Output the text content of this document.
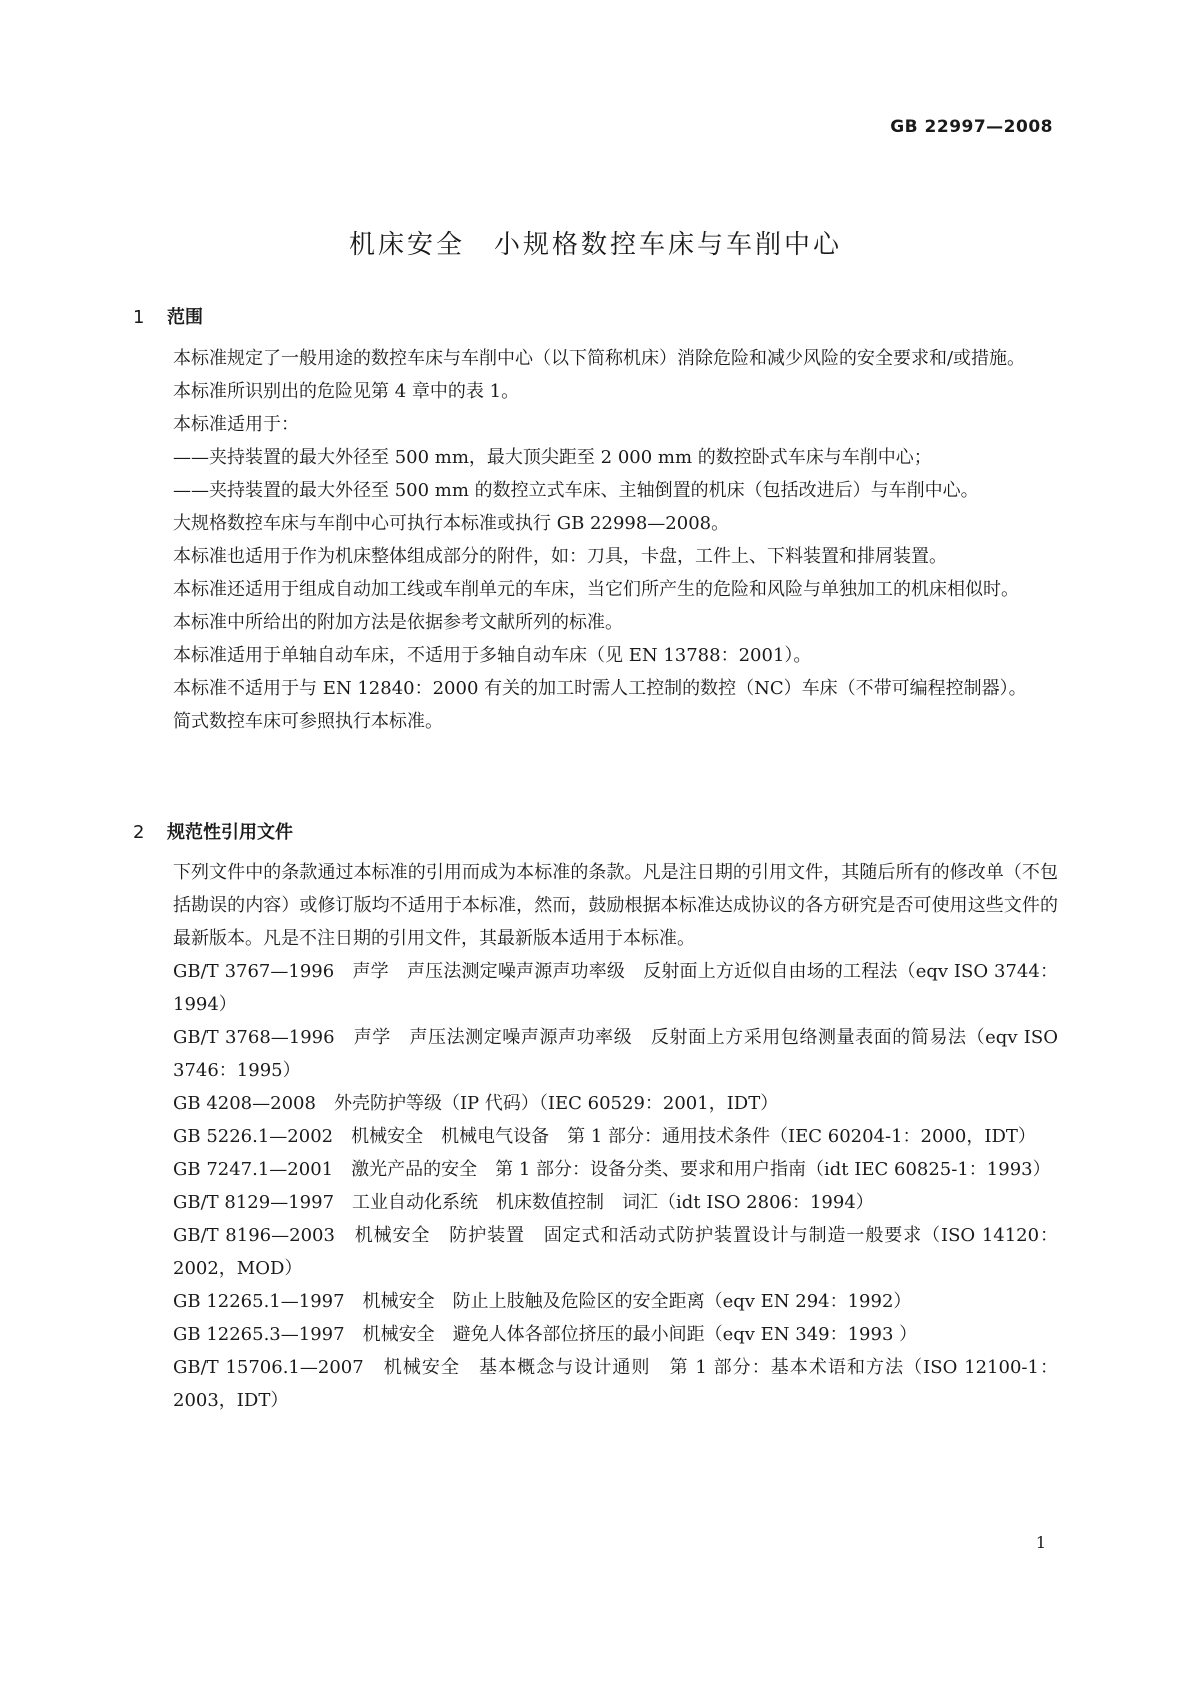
GB 22997—2008
机床安全　小规格数控车床与车削中心
1 范围
本标准规定了一般用途的数控车床与车削中心（以下简称机床）消除危险和减少风险的安全要求和/或措施。
本标准所识别出的危险见第 4 章中的表 1。
本标准适用于：
——夹持装置的最大外径至 500 mm，最大顶尖距至 2 000 mm 的数控卧式车床与车削中心；
——夹持装置的最大外径至 500 mm 的数控立式车床、主轴倒置的机床（包括改进后）与车削中心。
大规格数控车床与车削中心可执行本标准或执行 GB 22998—2008。
本标准也适用于作为机床整体组成部分的附件，如：刀具，卡盘，工件上、下料装置和排屑装置。
本标准还适用于组成自动加工线或车削单元的车床，当它们所产生的危险和风险与单独加工的机床相似时。
本标准中所给出的附加方法是依据参考文献所列的标准。
本标准适用于单轴自动车床，不适用于多轴自动车床（见 EN 13788：2001）。
本标准不适用于与 EN 12840：2000 有关的加工时需人工控制的数控（NC）车床（不带可编程控制器）。
简式数控车床可参照执行本标准。
2 规范性引用文件
下列文件中的条款通过本标准的引用而成为本标准的条款。凡是注日期的引用文件，其随后所有的修改单（不包括勘误的内容）或修订版均不适用于本标准，然而，鼓励根据本标准达成协议的各方研究是否可使用这些文件的最新版本。凡是不注日期的引用文件，其最新版本适用于本标准。
GB/T 3767—1996　声学　声压法测定噪声源声功率级　反射面上方近似自由场的工程法（eqv ISO 3744：1994）
GB/T 3768—1996　声学　声压法测定噪声源声功率级　反射面上方采用包络测量表面的简易法（eqv ISO 3746：1995）
GB 4208—2008　外壳防护等级（IP 代码）（IEC 60529：2001，IDT）
GB 5226.1—2002　机械安全　机械电气设备　第 1 部分：通用技术条件（IEC 60204-1：2000，IDT）
GB 7247.1—2001　激光产品的安全　第 1 部分：设备分类、要求和用户指南（idt IEC 60825-1：1993）
GB/T 8129—1997　工业自动化系统　机床数值控制　词汇（idt ISO 2806：1994）
GB/T 8196—2003　机械安全　防护装置　固定式和活动式防护装置设计与制造一般要求（ISO 14120：2002，MOD）
GB 12265.1—1997　机械安全　防止上肢触及危险区的安全距离（eqv EN 294：1992）
GB 12265.3—1997　机械安全　避免人体各部位挤压的最小间距（eqv EN 349：1993 ）
GB/T 15706.1—2007　机械安全　基本概念与设计通则　第 1 部分：基本术语和方法（ISO 12100-1：2003，IDT）
1
